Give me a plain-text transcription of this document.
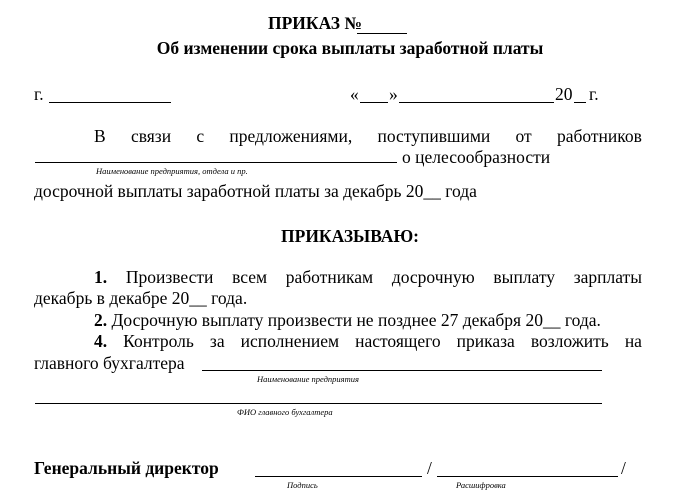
ПРИКАЗ №
Об изменении срока выплаты заработной платы
г.	« »	20 г.
В связи с предложениями, поступившими от работников
о целесообразности
Наименование предприятия, отдела и пр.
досрочной выплаты заработной платы за декабрь 20__ года
ПРИКАЗЫВАЮ:
1. Произвести всем работникам досрочную выплату зарплаты
декабрь в декабре 20__ года.
2. Досрочную выплату произвести не позднее 27 декабря 20__ года.
4. Контроль за исполнением настоящего приказа возложить на
главного бухгалтера
Наименование предприятия
ФИО главного бухгалтера
Генеральный директор	/	/
Подпись	Расшифровка
